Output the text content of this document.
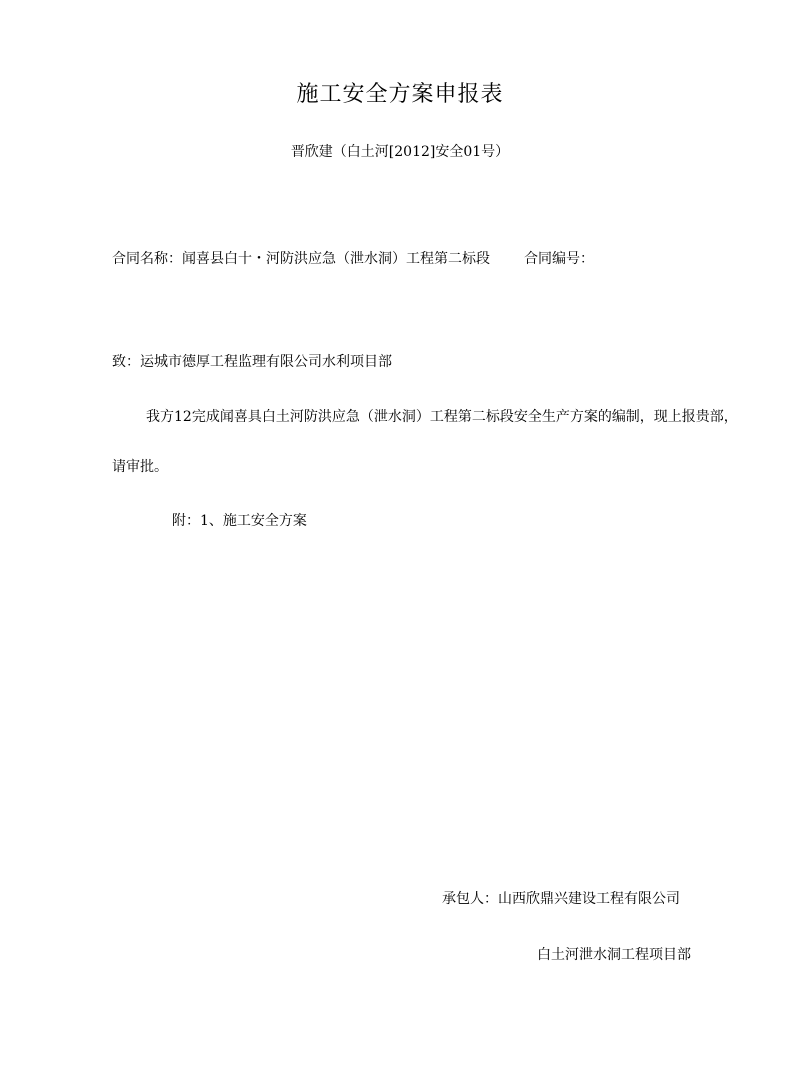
施工安全方案申报表
晋欣建（白土河[2012]安全01号）
合同名称：闻喜县白十・河防洪应急（泄水洞）工程第二标段 合同编号：
致：运城市德厚工程监理有限公司水利项目部
我方12完成闻喜具白土河防洪应急（泄水洞）工程第二标段安全生产方案的编制，现上报贵部，
请审批。
附：1、施工安全方案
承包人：山西欣鼎兴建设工程有限公司
白土河泄水洞工程项目部
